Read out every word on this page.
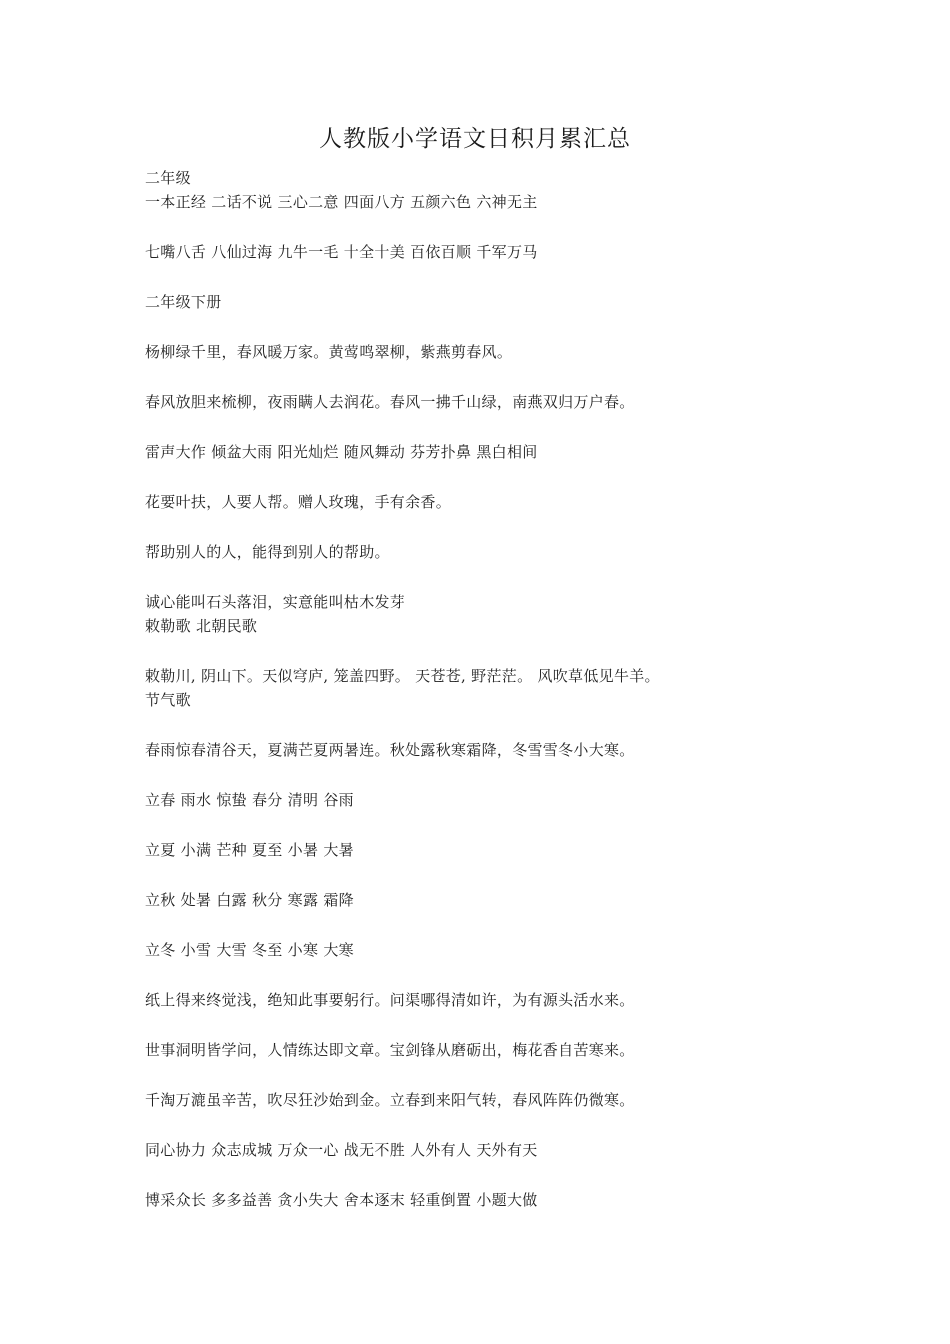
人教版小学语文日积月累汇总
二年级
一本正经 二话不说 三心二意 四面八方 五颜六色 六神无主
七嘴八舌 八仙过海 九牛一毛 十全十美 百依百顺 千军万马
二年级下册
杨柳绿千里，春风暖万家。黄莺鸣翠柳，紫燕剪春风。
春风放胆来梳柳，夜雨瞒人去润花。春风一拂千山绿，南燕双归万户春。
雷声大作 倾盆大雨 阳光灿烂 随风舞动 芬芳扑鼻 黑白相间
花要叶扶，人要人帮。赠人玫瑰，手有余香。
帮助别人的人，能得到别人的帮助。
诚心能叫石头落泪，实意能叫枯木发芽
敕勒歌 北朝民歌
敕勒川, 阴山下。天似穹庐, 笼盖四野。 天苍苍, 野茫茫。 风吹草低见牛羊。
节气歌
春雨惊春清谷天，夏满芒夏两暑连。秋处露秋寒霜降，冬雪雪冬小大寒。
立春 雨水 惊蛰 春分 清明 谷雨
立夏 小满 芒种 夏至 小暑 大暑
立秋 处暑 白露 秋分 寒露 霜降
立冬 小雪 大雪 冬至 小寒 大寒
纸上得来终觉浅，绝知此事要躬行。问渠哪得清如许，为有源头活水来。
世事洞明皆学问，人情练达即文章。宝剑锋从磨砺出，梅花香自苦寒来。
千淘万漉虽辛苦，吹尽狂沙始到金。立春到来阳气转，春风阵阵仍微寒。
同心协力 众志成城 万众一心 战无不胜 人外有人 天外有天
博采众长 多多益善 贪小失大 舍本逐末 轻重倒置 小题大做
